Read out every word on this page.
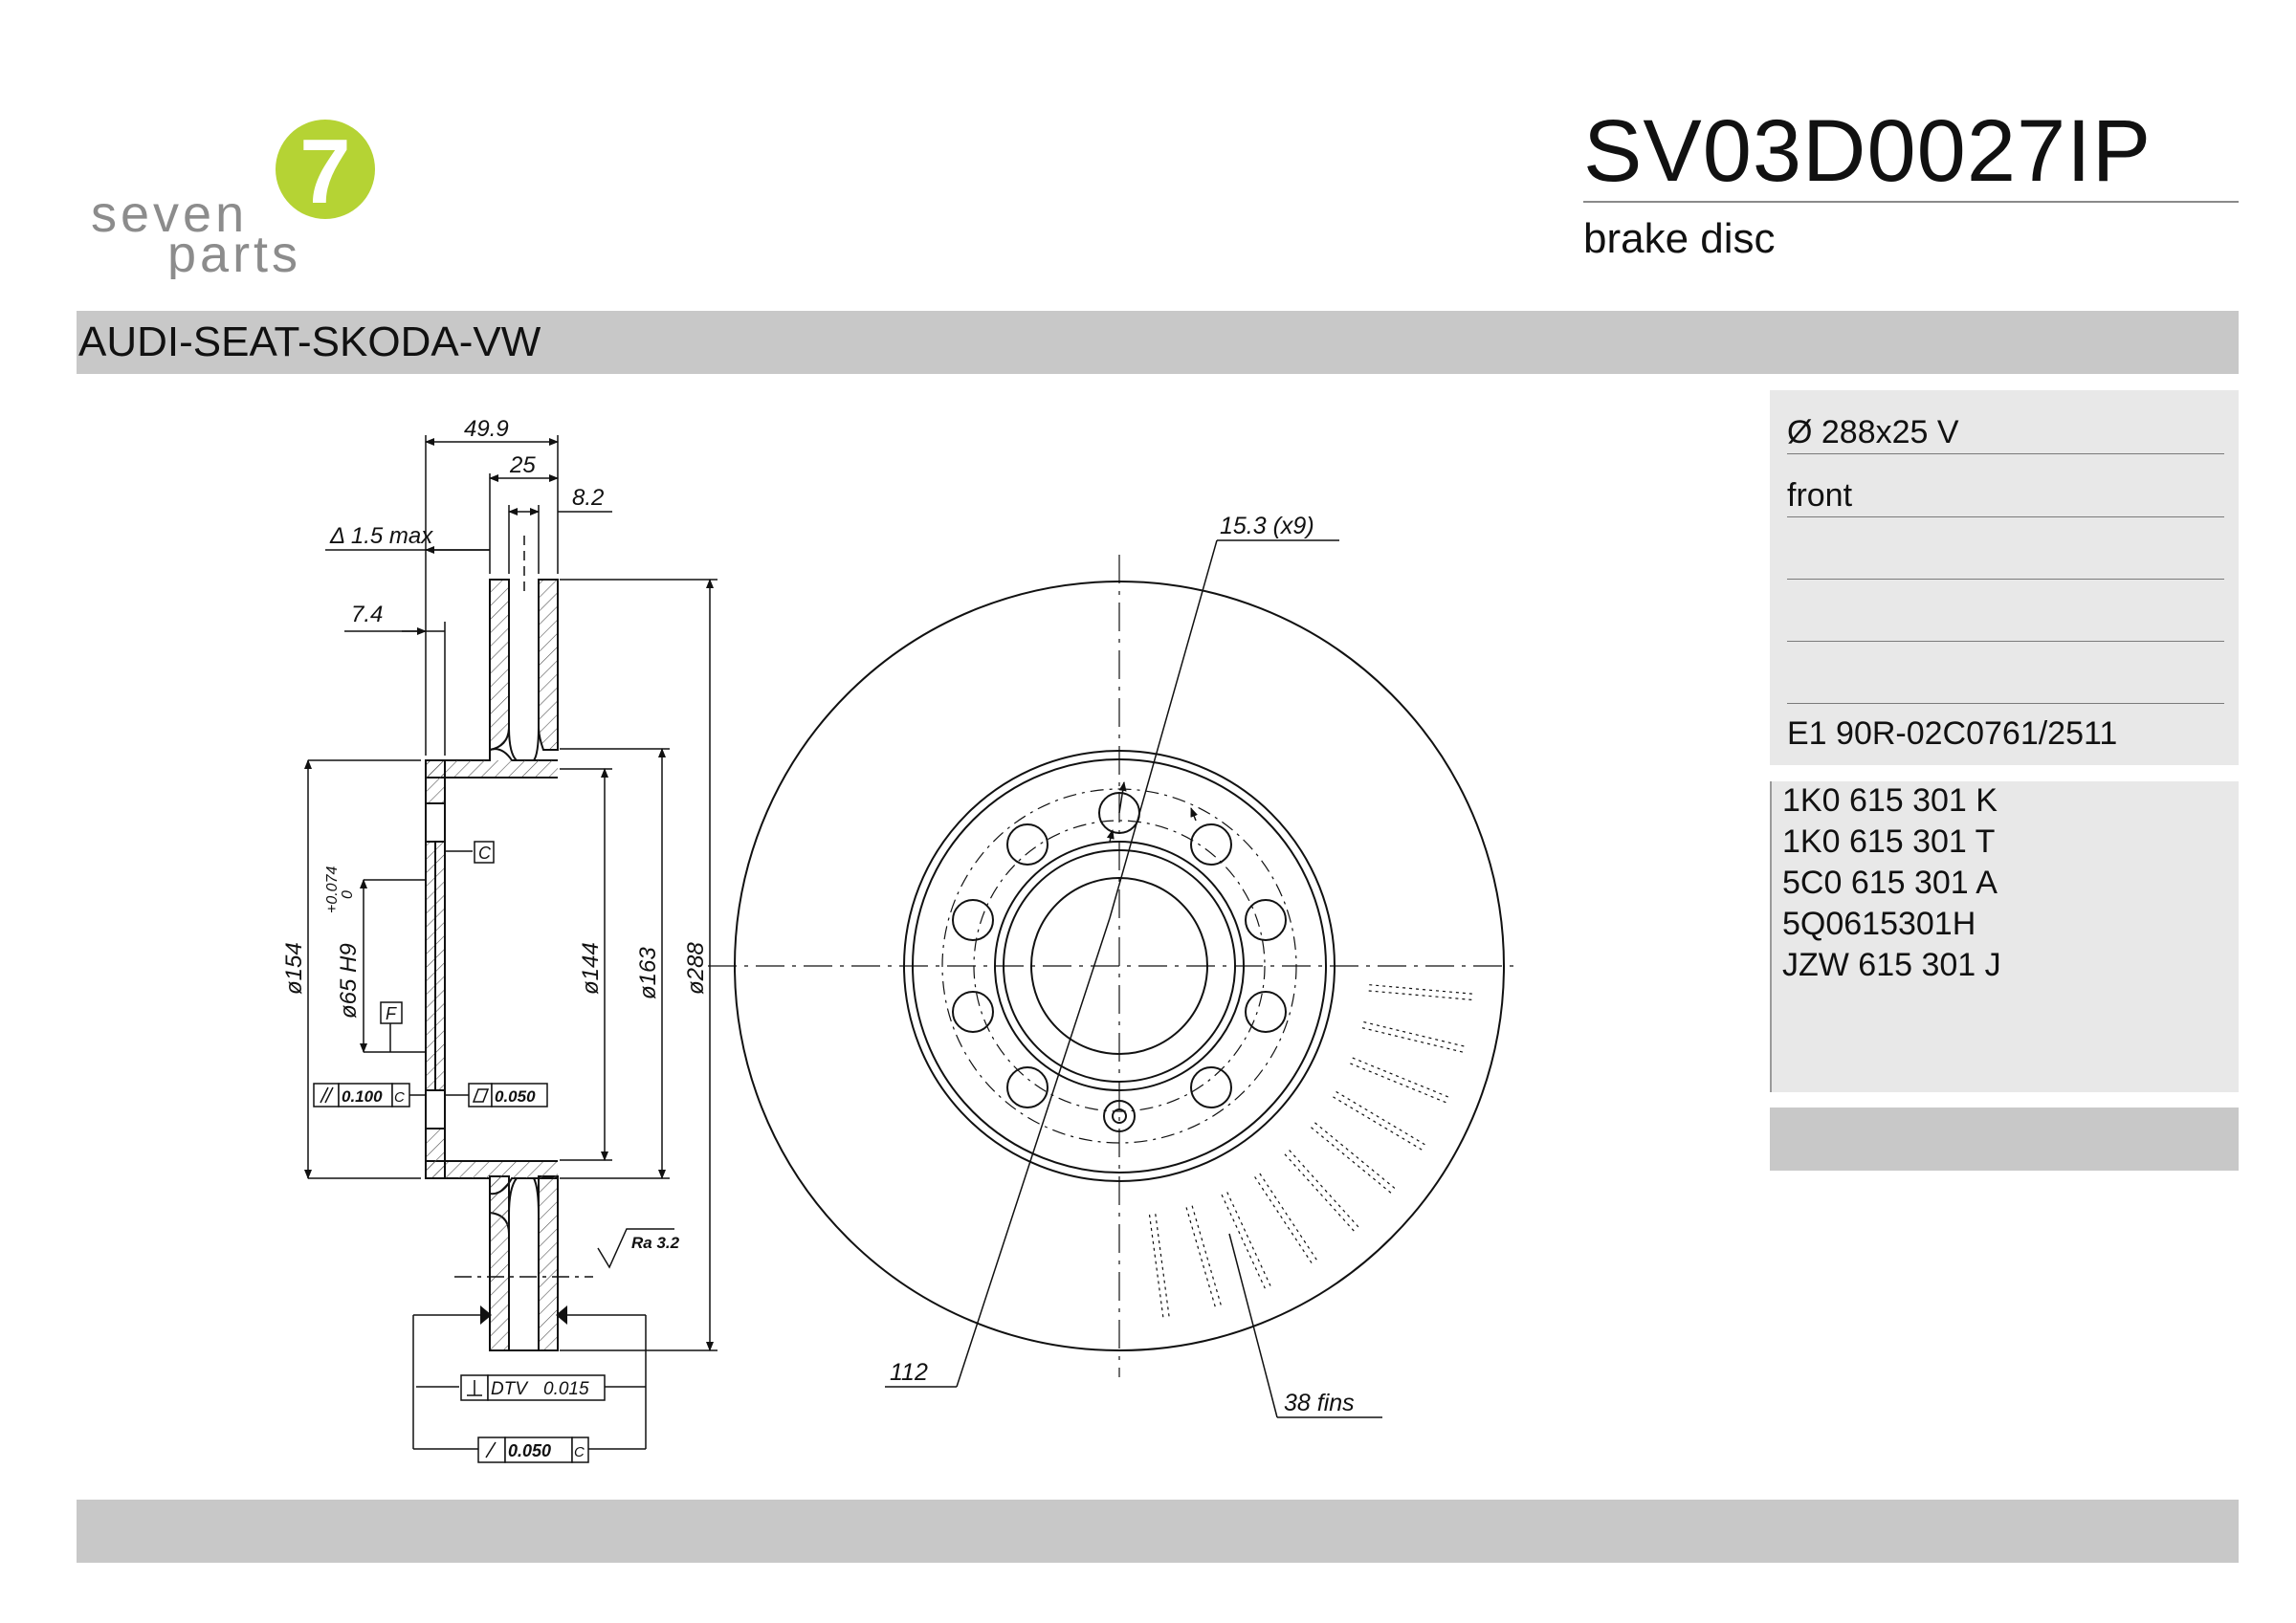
7
seven
parts
SV03D0027IP
brake disc
AUDI-SEAT-SKODA-VW
Ø 288x25 V
front
E1 90R-02C0761/2511
1K0 615 301 K
1K0 615 301 T
5C0 615 301 A
5Q0615301H
JZW 615 301 J
49.9
25
8.2
Δ 1.5 max
7.4
ø154 ø65 H9
+0.074 0
ø144 ø163 ø288
Ra 3.2
C
F
0.100 C	0.050
DTV 0.015
0.050 C
15.3 (x9)
112
38 fins
